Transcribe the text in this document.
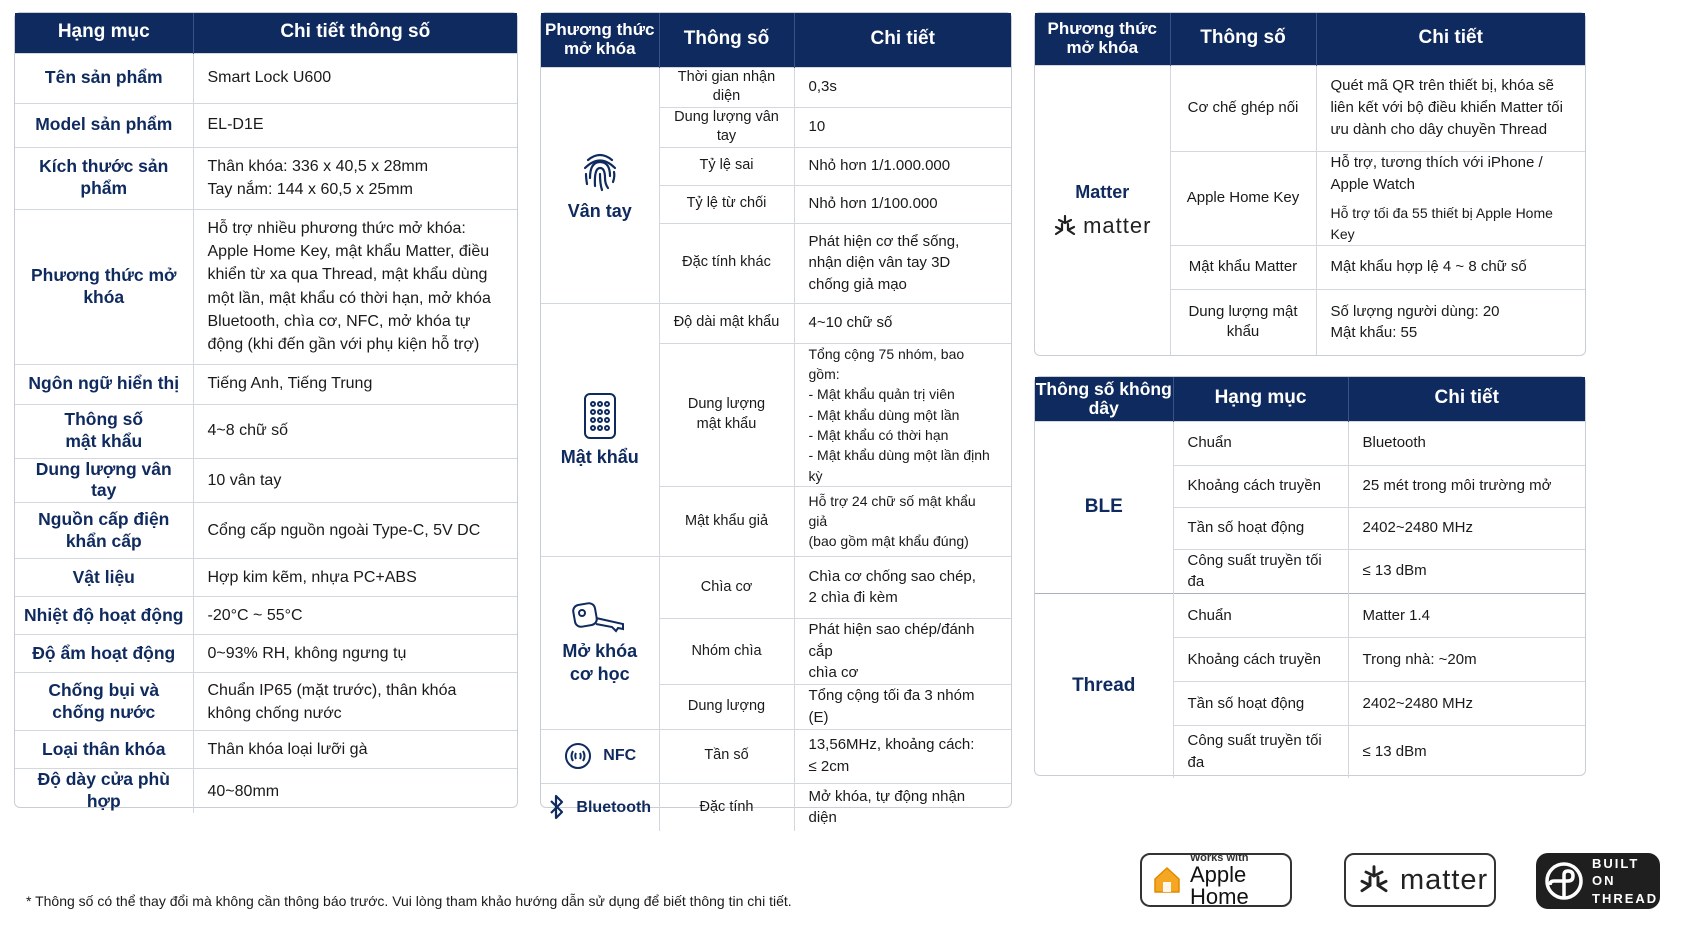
Hạng mục	Chi tiết thông số
Tên sản phẩm	Smart Lock U600
Model sản phẩm	EL-D1E
Kích thước sản phẩm	Thân khóa: 336 x 40,5 x 28mm
Tay nắm: 144 x 60,5 x 25mm
Phương thức mở khóa	Hỗ trợ nhiều phương thức mở khóa:
Apple Home Key, mật khẩu Matter, điều khiển từ xa qua Thread, mật khẩu dùng một lần, mật khẩu có thời hạn, mở khóa Bluetooth, chìa cơ, NFC, mở khóa tự động (khi đến gần với phụ kiện hỗ trợ)
Ngôn ngữ hiển thị	Tiếng Anh, Tiếng Trung
Thông số
mật khẩu	4~8 chữ số
Dung lượng vân tay	10 vân tay
Nguồn cấp điện
khẩn cấp	Cổng cấp nguồn ngoài Type-C, 5V DC
Vật liệu	Hợp kim kẽm, nhựa PC+ABS
Nhiệt độ hoạt động	-20°C ~ 55°C
Độ ẩm hoạt động	0~93% RH, không ngưng tụ
Chống bụi và
chống nước	Chuẩn IP65 (mặt trước), thân khóa không chống nước
Loại thân khóa	Thân khóa loại lưỡi gà
Độ dày cửa phù hợp	40~80mm
Phương thức
mở khóa	Thông số	Chi tiết

Vân tay	Thời gian nhận diện	0,3s
	Dung lượng vân tay	10
	Tỷ lệ sai	Nhỏ hơn 1/1.000.000
	Tỷ lệ từ chối	Nhỏ hơn 1/100.000
	Đặc tính khác	Phát hiện cơ thể sống,
nhận diện vân tay 3D
chống giả mạo

Mật khẩu	Độ dài mật khẩu	4~10 chữ số
	Dung lượng
mật khẩu	Tổng cộng 75 nhóm, bao gồm:
- Mật khẩu quản trị viên
- Mật khẩu dùng một lần
- Mật khẩu có thời hạn
- Mật khẩu dùng một lần định kỳ
	Mật khẩu giả	Hỗ trợ 24 chữ số mật khẩu giả
(bao gồm mật khẩu đúng)

Mở khóa
cơ học	Chìa cơ	Chìa cơ chống sao chép,
2 chìa đi kèm
	Nhóm chìa	Phát hiện sao chép/đánh cắp
chìa cơ
	Dung lượng	Tổng cộng tối đa 3 nhóm (E)

NFC	Tần số	13,56MHz, khoảng cách:
≤ 2cm

Bluetooth	Đặc tính	Mở khóa, tự động nhận diện
Phương thức
mở khóa	Thông số	Chi tiết

Matter
matter	Cơ chế ghép nối	Quét mã QR trên thiết bị, khóa sẽ liên kết với bộ điều khiển Matter tối ưu dành cho dây chuyền Thread
	Apple Home Key	Hỗ trợ, tương thích với iPhone /
Apple Watch
Hỗ trợ tối đa 55 thiết bị Apple Home Key

	Mật khẩu Matter	Mật khẩu hợp lệ 4 ~ 8 chữ số
	Dung lượng mật khẩu	Số lượng người dùng: 20
Mật khẩu: 55
Thông số không dây	Hạng mục	Chi tiết
BLE	Chuẩn	Bluetooth
	Khoảng cách truyền	25 mét trong môi trường mở
	Tần số hoạt động	2402~2480 MHz
	Công suất truyền tối đa	≤ 13 dBm
Thread	Chuẩn	Matter 1.4
	Khoảng cách truyền	Trong nhà: ~20m
	Tần số hoạt động	2402~2480 MHz
	Công suất truyền tối đa	≤ 13 dBm
* Thông số có thể thay đổi mà không cần thông báo trước. Vui lòng tham khảo hướng dẫn sử dụng để biết thông tin chi tiết.
Works with
Apple Home
matter
BUILT ON
THREAD
